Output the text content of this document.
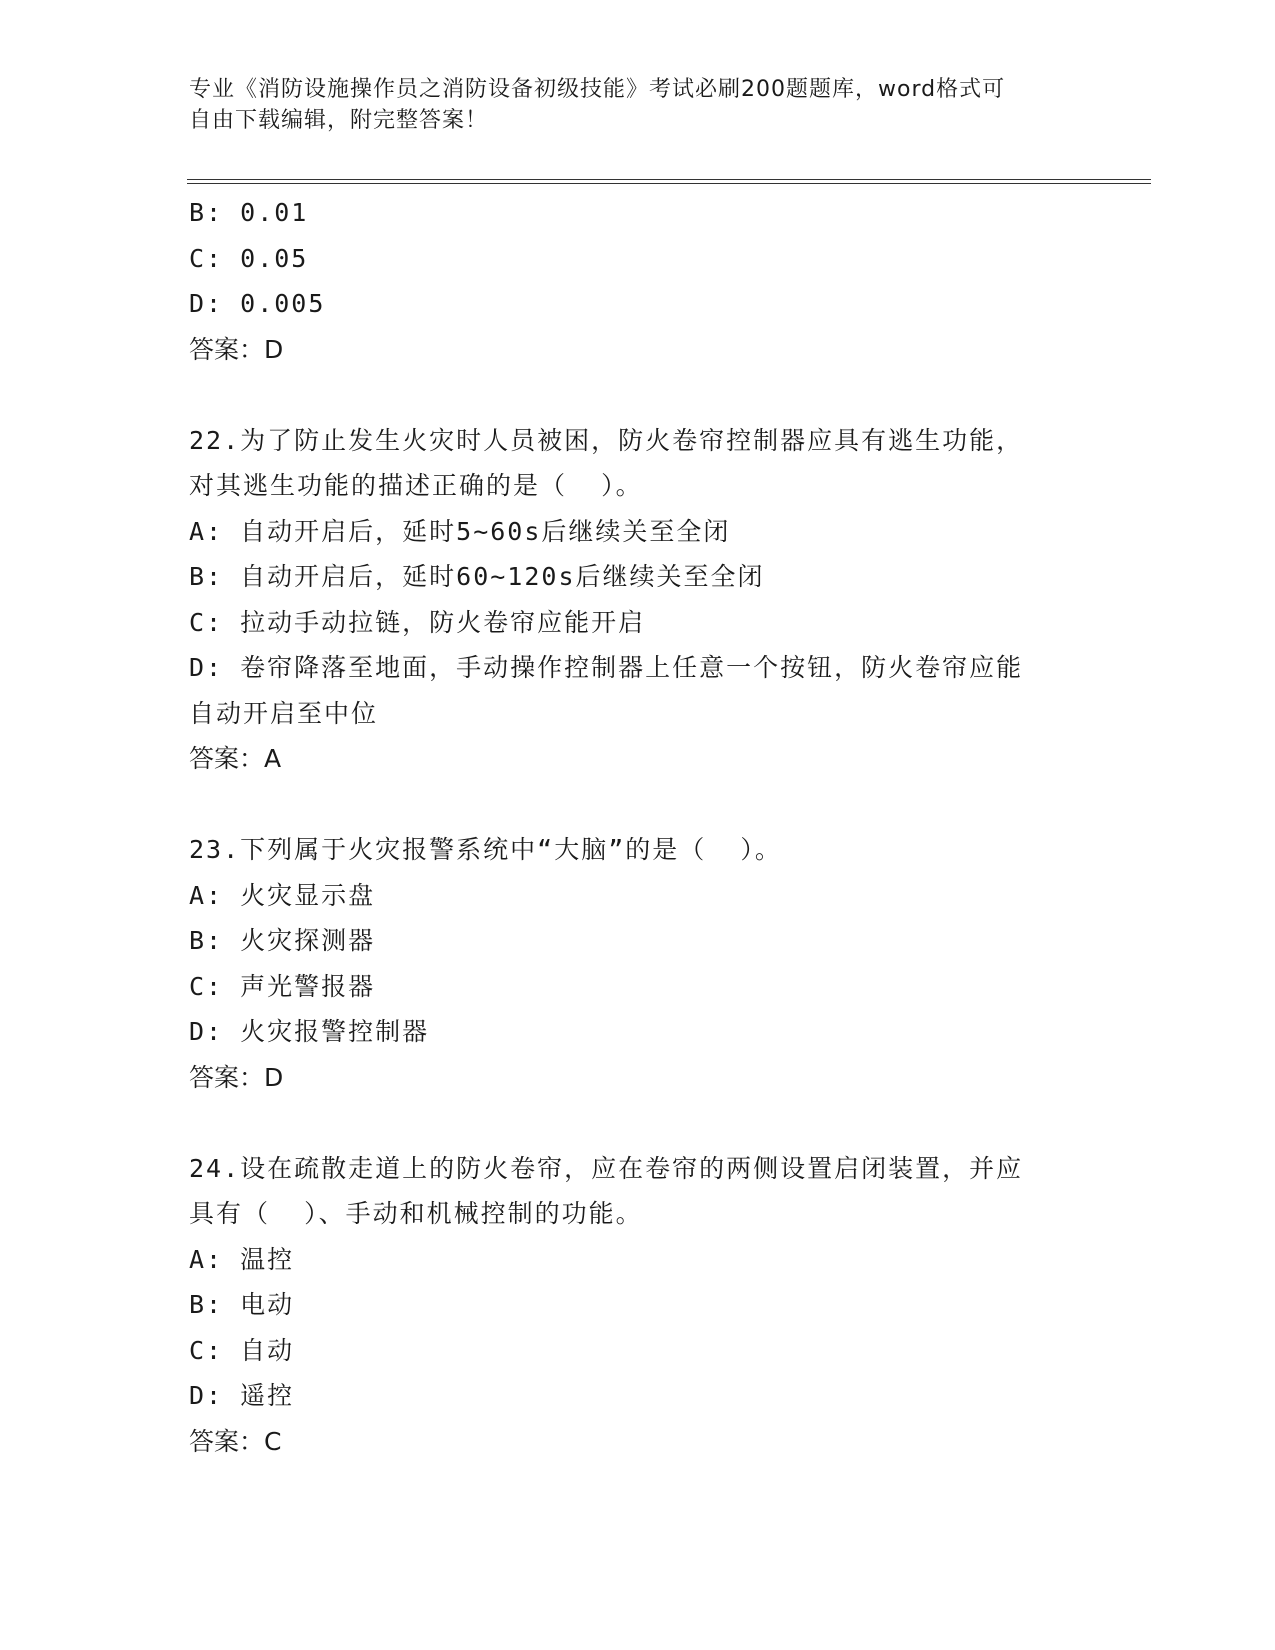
专业《消防设施操作员之消防设备初级技能》考试必刷200题题库，word格式可
自由下载编辑，附完整答案！
B: 0.01
C: 0.05
D: 0.005
答案：D
22.为了防止发生火灾时人员被困，防火卷帘控制器应具有逃生功能，
对其逃生功能的描述正确的是（  ）。
A: 自动开启后，延时5~60s后继续关至全闭
B: 自动开启后，延时60~120s后继续关至全闭
C: 拉动手动拉链，防火卷帘应能开启
D: 卷帘降落至地面，手动操作控制器上任意一个按钮，防火卷帘应能
自动开启至中位
答案：A
23.下列属于火灾报警系统中“大脑”的是（  ）。
A: 火灾显示盘
B: 火灾探测器
C: 声光警报器
D: 火灾报警控制器
答案：D
24.设在疏散走道上的防火卷帘，应在卷帘的两侧设置启闭装置，并应
具有（  ）、手动和机械控制的功能。
A: 温控
B: 电动
C: 自动
D: 遥控
答案：C
